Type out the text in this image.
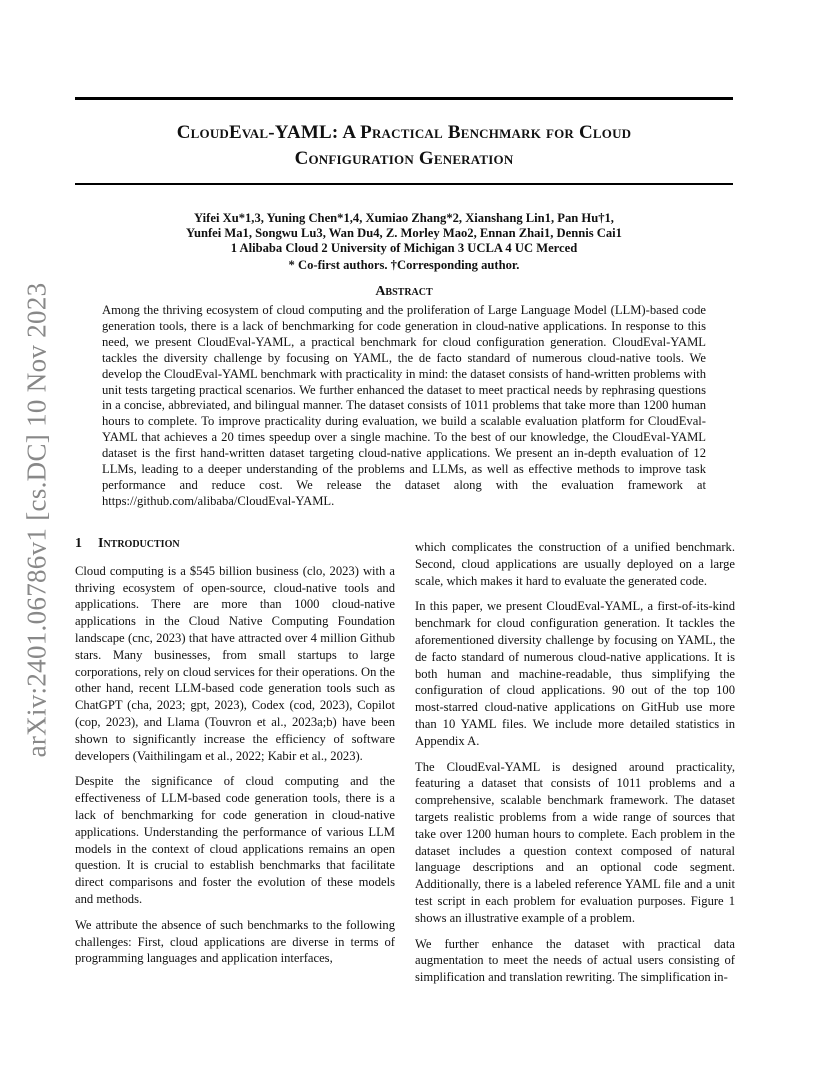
CloudEval-YAML: A Practical Benchmark for Cloud
Configuration Generation
arXiv:2401.06786v1 [cs.DC] 10 Nov 2023
Yifei Xu*1,3, Yuning Chen*1,4, Xumiao Zhang*2, Xianshang Lin1, Pan Hu†1,
Yunfei Ma1, Songwu Lu3, Wan Du4, Z. Morley Mao2, Ennan Zhai1, Dennis Cai1
1 Alibaba Cloud 2 University of Michigan 3 UCLA 4 UC Merced
* Co-first authors. †Corresponding author.
Abstract
Among the thriving ecosystem of cloud computing and the proliferation of Large Language Model (LLM)-based code generation tools, there is a lack of benchmarking for code generation in cloud-native applications. In response to this need, we present CloudEval-YAML, a practical benchmark for cloud configuration generation. CloudEval-YAML tackles the diversity challenge by focusing on YAML, the de facto standard of numerous cloud-native tools. We develop the CloudEval-YAML benchmark with practicality in mind: the dataset consists of hand-written problems with unit tests targeting practical scenarios. We further enhanced the dataset to meet practical needs by rephrasing questions in a concise, abbreviated, and bilingual manner. The dataset consists of 1011 problems that take more than 1200 human hours to complete. To improve practicality during evaluation, we build a scalable evaluation platform for CloudEval-YAML that achieves a 20 times speedup over a single machine. To the best of our knowledge, the CloudEval-YAML dataset is the first hand-written dataset targeting cloud-native applications. We present an in-depth evaluation of 12 LLMs, leading to a deeper understanding of the problems and LLMs, as well as effective methods to improve task performance and reduce cost. We release the dataset along with the evaluation framework at https://github.com/alibaba/CloudEval-YAML.
1 Introduction

Cloud computing is a $545 billion business (clo, 2023) with a thriving ecosystem of open-source, cloud-native tools and applications. There are more than 1000 cloud-native applications in the Cloud Native Computing Foundation landscape (cnc, 2023) that have attracted over 4 million Github stars. Many businesses, from small startups to large corporations, rely on cloud services for their operations. On the other hand, recent LLM-based code generation tools such as ChatGPT (cha, 2023; gpt, 2023), Codex (cod, 2023), Copilot (cop, 2023), and Llama (Touvron et al., 2023a;b) have been shown to significantly increase the efficiency of software developers (Vaithilingam et al., 2022; Kabir et al., 2023).

Despite the significance of cloud computing and the effectiveness of LLM-based code generation tools, there is a lack of benchmarking for code generation in cloud-native applications. Understanding the performance of various LLM models in the context of cloud applications remains an open question. It is crucial to establish benchmarks that facilitate direct comparisons and foster the evolution of these models and methods.

We attribute the absence of such benchmarks to the following challenges: First, cloud applications are diverse in terms of programming languages and application interfaces,

which complicates the construction of a unified benchmark. Second, cloud applications are usually deployed on a large scale, which makes it hard to evaluate the generated code.

In this paper, we present CloudEval-YAML, a first-of-its-kind benchmark for cloud configuration generation. It tackles the aforementioned diversity challenge by focusing on YAML, the de facto standard of numerous cloud-native applications. It is both human and machine-readable, thus simplifying the configuration of cloud applications. 90 out of the top 100 most-starred cloud-native applications on GitHub use more than 10 YAML files. We include more detailed statistics in Appendix A.

The CloudEval-YAML is designed around practicality, featuring a dataset that consists of 1011 problems and a comprehensive, scalable benchmark framework. The dataset targets realistic problems from a wide range of sources that take over 1200 human hours to complete. Each problem in the dataset includes a question context composed of natural language descriptions and an optional code segment. Additionally, there is a labeled reference YAML file and a unit test script in each problem for evaluation purposes. Figure 1 shows an illustrative example of a problem.

We further enhance the dataset with practical data augmentation to meet the needs of actual users consisting of simplification and translation rewriting. The simplification in-
